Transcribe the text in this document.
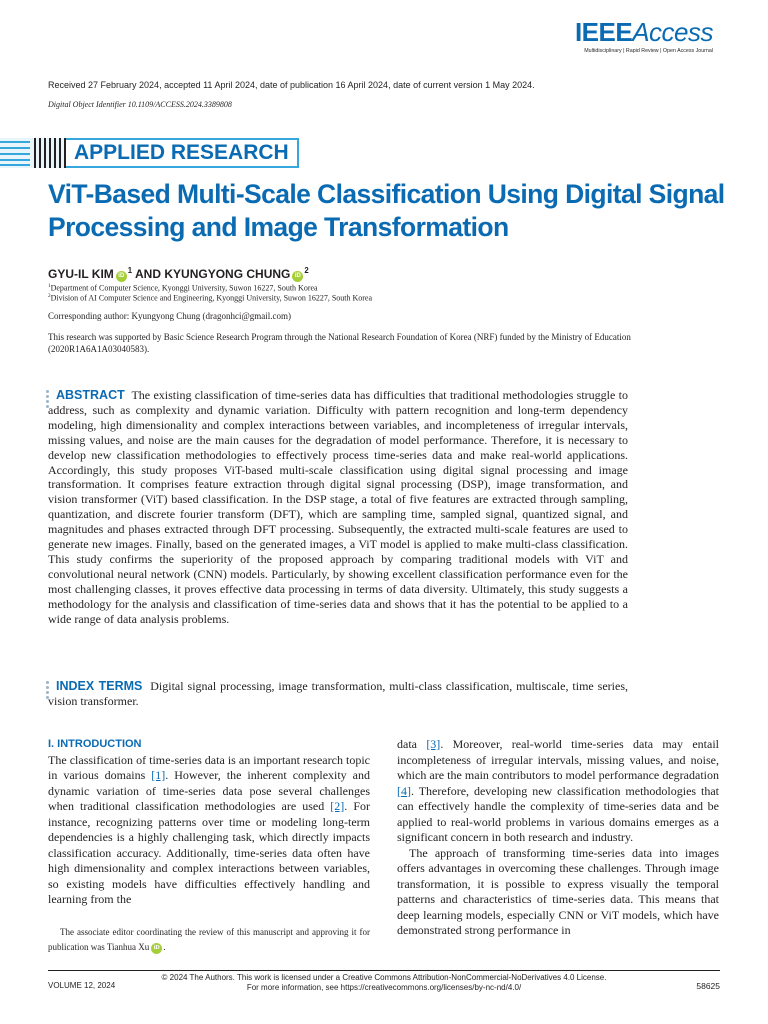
IEEEAccess
Multidisciplinary | Rapid Review | Open Access Journal
Received 27 February 2024, accepted 11 April 2024, date of publication 16 April 2024, date of current version 1 May 2024.
Digital Object Identifier 10.1109/ACCESS.2024.3389808
APPLIED RESEARCH
ViT-Based Multi-Scale Classification Using Digital Signal Processing and Image Transformation
GYU-IL KIM $iD^1$ AND KYUNGYONG CHUNG $iD^2$
$^1$Department of Computer Science, Kyonggi University, Suwon 16227, South Korea
$^2$Division of AI Computer Science and Engineering, Kyonggi University, Suwon 16227, South Korea
Corresponding author: Kyungyong Chung (dragonhci@gmail.com)
This research was supported by Basic Science Research Program through the National Research Foundation of Korea (NRF) funded by the Ministry of Education (2020R1A6A1A03040583).
ABSTRACT The existing classification of time-series data has difficulties that traditional methodologies struggle to address, such as complexity and dynamic variation. Difficulty with pattern recognition and long-term dependency modeling, high dimensionality and complex interactions between variables, and incompleteness of irregular intervals, missing values, and noise are the main causes for the degradation of model performance. Therefore, it is necessary to develop new classification methodologies to effectively process time-series data and make real-world applications. Accordingly, this study proposes ViT-based multi-scale classification using digital signal processing and image transformation. It comprises feature extraction through digital signal processing (DSP), image transformation, and vision transformer (ViT) based classification. In the DSP stage, a total of five features are extracted through sampling, quantization, and discrete fourier transform (DFT), which are sampling time, sampled signal, quantized signal, and magnitudes and phases extracted through DFT processing. Subsequently, the extracted multi-scale features are used to generate new images. Finally, based on the generated images, a ViT model is applied to make multi-class classification. This study confirms the superiority of the proposed approach by comparing traditional models with ViT and convolutional neural network (CNN) models. Particularly, by showing excellent classification performance even for the most challenging classes, it proves effective data processing in terms of data diversity. Ultimately, this study suggests a methodology for the analysis and classification of time-series data and shows that it has the potential to be applied to a wide range of data analysis problems.
INDEX TERMS Digital signal processing, image transformation, multi-class classification, multiscale, time series, vision transformer.
I. INTRODUCTION
The classification of time-series data is an important research topic in various domains [1]. However, the inherent complexity and dynamic variation of time-series data pose several challenges when traditional classification methodologies are used [2]. For instance, recognizing patterns over time or modeling long-term dependencies is a highly challenging task, which directly impacts classification accuracy. Additionally, time-series data often have high dimensionality and complex interactions between variables, so existing models have difficulties effectively handling and learning from the
The associate editor coordinating the review of this manuscript and approving it for publication was Tianhua Xu iD .
data [3]. Moreover, real-world time-series data may entail incompleteness of irregular intervals, missing values, and noise, which are the main contributors to model performance degradation [4]. Therefore, developing new classification methodologies that can effectively handle the complexity of time-series data and be applied to real-world problems in various domains emerges as a significant concern in both research and industry.
The approach of transforming time-series data into images offers advantages in overcoming these challenges. Through image transformation, it is possible to express visually the temporal patterns and characteristics of time-series data. This means that deep learning models, especially CNN or ViT models, which have demonstrated strong performance in
VOLUME 12, 2024
© 2024 The Authors. This work is licensed under a Creative Commons Attribution-NonCommercial-NoDerivatives 4.0 License.
For more information, see https://creativecommons.org/licenses/by-nc-nd/4.0/	58625
